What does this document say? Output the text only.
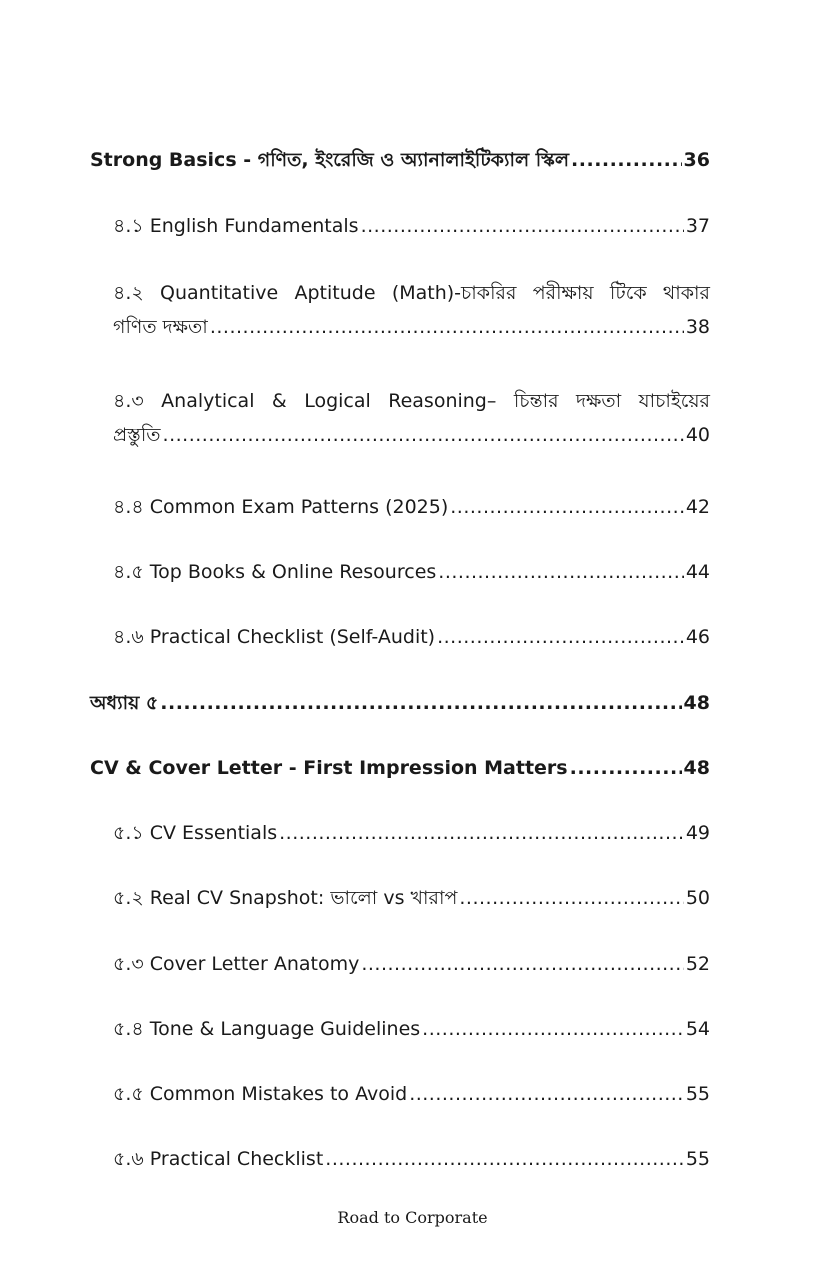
Strong Basics - গণিত, ইংরেজি ও অ্যানালাইটিক্যাল স্কিল .....	36
৪.১ English Fundamentals .....	37
৪.২ Quantitative Aptitude (Math)-চাকরির পরীক্ষায় টিকে থাকার
গণিত দক্ষতা .....	38
৪.৩ Analytical & Logical Reasoning– চিন্তার দক্ষতা যাচাইয়ের
প্রস্তুতি .....	40
৪.৪ Common Exam Patterns (2025) .....	42
৪.৫ Top Books & Online Resources .....	44
৪.৬ Practical Checklist (Self-Audit) .....	46
অধ্যায় ৫ .....	48
CV & Cover Letter - First Impression Matters .....	48
৫.১ CV Essentials .....	49
৫.২ Real CV Snapshot: ভালো vs খারাপ .....	50
৫.৩ Cover Letter Anatomy .....	52
৫.৪ Tone & Language Guidelines .....	54
৫.৫ Common Mistakes to Avoid .....	55
৫.৬ Practical Checklist .....	55
Road to Corporate
